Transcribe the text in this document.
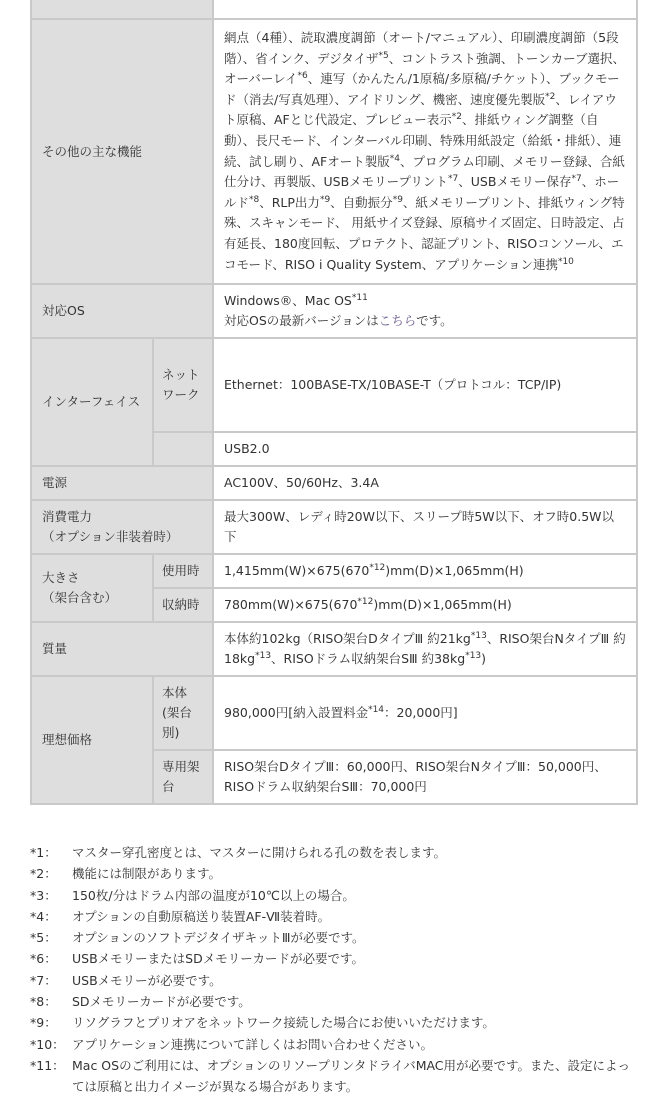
その他の主な機能		網点（4種）、読取濃度調節（オート/マニュアル）、印刷濃度調節（5段階）、省インク、デジタイザ$^{*5}$、コントラスト強調、トーンカーブ選択、オーバーレイ$^{*6}$、連写（かんたん/1原稿/多原稿/チケット）、ブックモード（消去/写真処理）、アイドリング、機密、速度優先製版$^{*2}$、レイアウト原稿、AFとじ代設定、プレビュー表示$^{*2}$、排紙ウィング調整（自動）、長尺モード、インターバル印刷、特殊用紙設定（給紙・排紙）、連続、試し刷り、AFオート製版$^{*4}$、プログラム印刷、メモリー登録、合紙仕分け、再製版、USBメモリープリント$^{*7}$、USBメモリー保存$^{*7}$、ホールド$^{*8}$、RLP出力$^{*9}$、自動振分$^{*9}$、紙メモリープリント、排紙ウィング特殊、スキャンモード、 用紙サイズ登録、原稿サイズ固定、日時設定、占有延長、180度回転、プロテクト、認証プリント、RISOコンソール、エコモード、RISO i Quality System、アプリケーション連携$^{*10}$
対応OS		Windows®、Mac OS$^{*11}$
対応OSの最新バージョンはこちらです。

インターフェイス	ネットワーク	Ethernet：100BASE-TX/10BASE-T（プロトコル：TCP/IP)
		USB2.0
電源		AC100V、50/60Hz、3.4A

消費電力
（オプション非装着時）		最大300W、レディ時20W以下、スリープ時5W以下、オフ時0.5W以下

大きさ
（架台含む）	使用時	$1,415mm(W)\times 675(670^{*12})mm(D)\times 1,065mm(H)$
	収納時	$780mm(W)\times 675(670^{*12})mm(D)\times 1,065mm(H)$
質量		本体約102kg（RISO架台DタイプⅢ 約$21kg^{*13}$、RISO架台NタイプⅢ 約$18kg^{*13}$、RISOドラム収納架台SⅢ 約$38kg^{*13}$)
理想価格	本体(架台別)	980,000円[納入設置料金$^{*14}$：20,000円]
	専用架台	RISO架台DタイプⅢ：60,000円、RISO架台NタイプⅢ：50,000円、RISOドラム収納架台SⅢ：70,000円
*1：	マスター穿孔密度とは、マスターに開けられる孔の数を表します。
*2：	機能には制限があります。
*3：	150枚/分はドラム内部の温度が10℃以上の場合。
*4：	オプションの自動原稿送り装置AF-Ⅶ装着時。
*5：	オプションのソフトデジタイザキットⅢが必要です。
*6：	USBメモリーまたはSDメモリーカードが必要です。
*7：	USBメモリーが必要です。
*8：	SDメモリーカードが必要です。
*9：	リソグラフとプリオアをネットワーク接続した場合にお使いいただけます。
*10： アプリケーション連携について詳しくはお問い合わせください。
*11： Mac OSのご利用には、オプションのリソープリンタドライバMAC用が必要です。また、設定によっては原稿と出力イメージが異なる場合があります。
